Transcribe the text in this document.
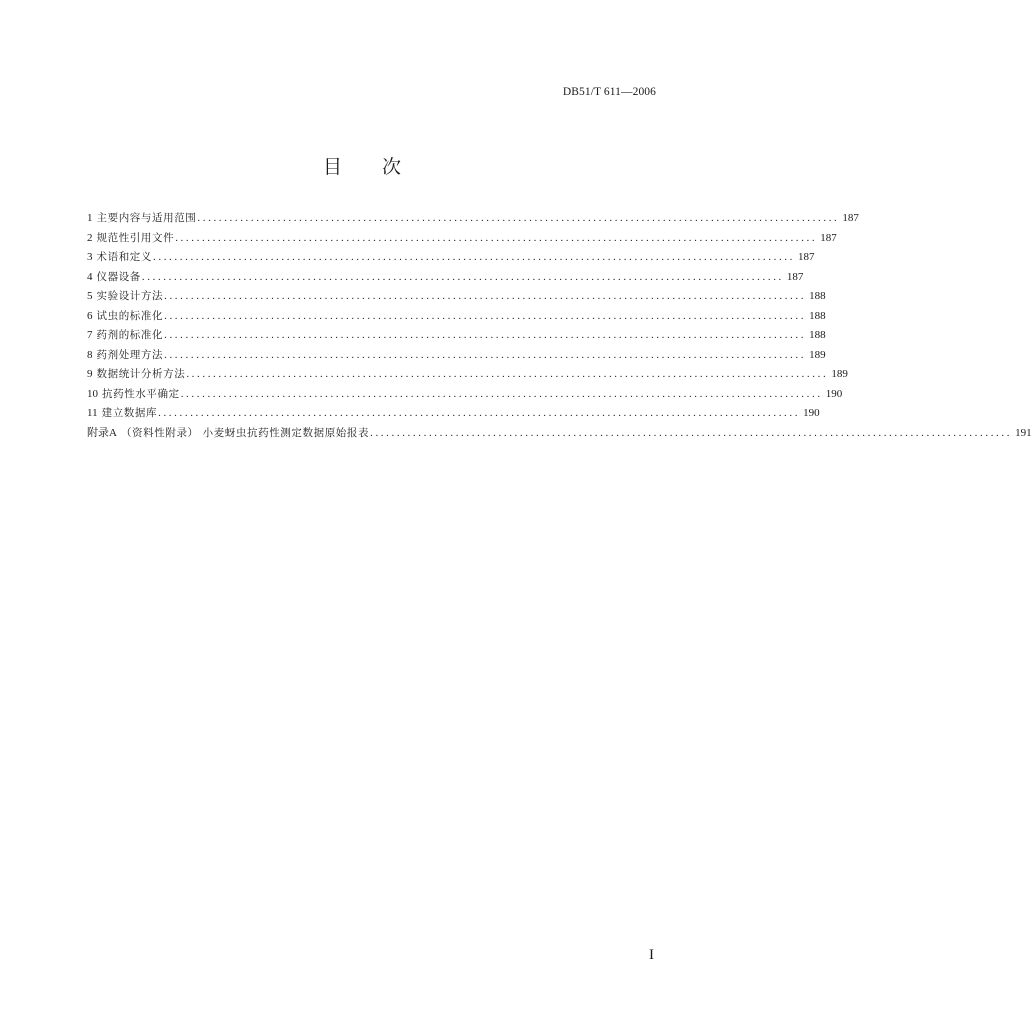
DB51/T 611—2006
目 次
1 主要内容与适用范围 ........................................................................................................................ 187
2 规范性引用文件 ........................................................................................................................ 187
3 术语和定义 ........................................................................................................................ 187
4 仪器设备 ........................................................................................................................ 187
5 实验设计方法 ........................................................................................................................ 188
6 试虫的标准化 ........................................................................................................................ 188
7 药剂的标准化 ........................................................................................................................ 188
8 药剂处理方法 ........................................................................................................................ 189
9 数据统计分析方法 ........................................................................................................................ 189
10 抗药性水平确定 ........................................................................................................................ 190
11 建立数据库 ........................................................................................................................ 190
附录A （资料性附录） 小麦蚜虫抗药性测定数据原始报表 ........................................................................................................................ 191
I
